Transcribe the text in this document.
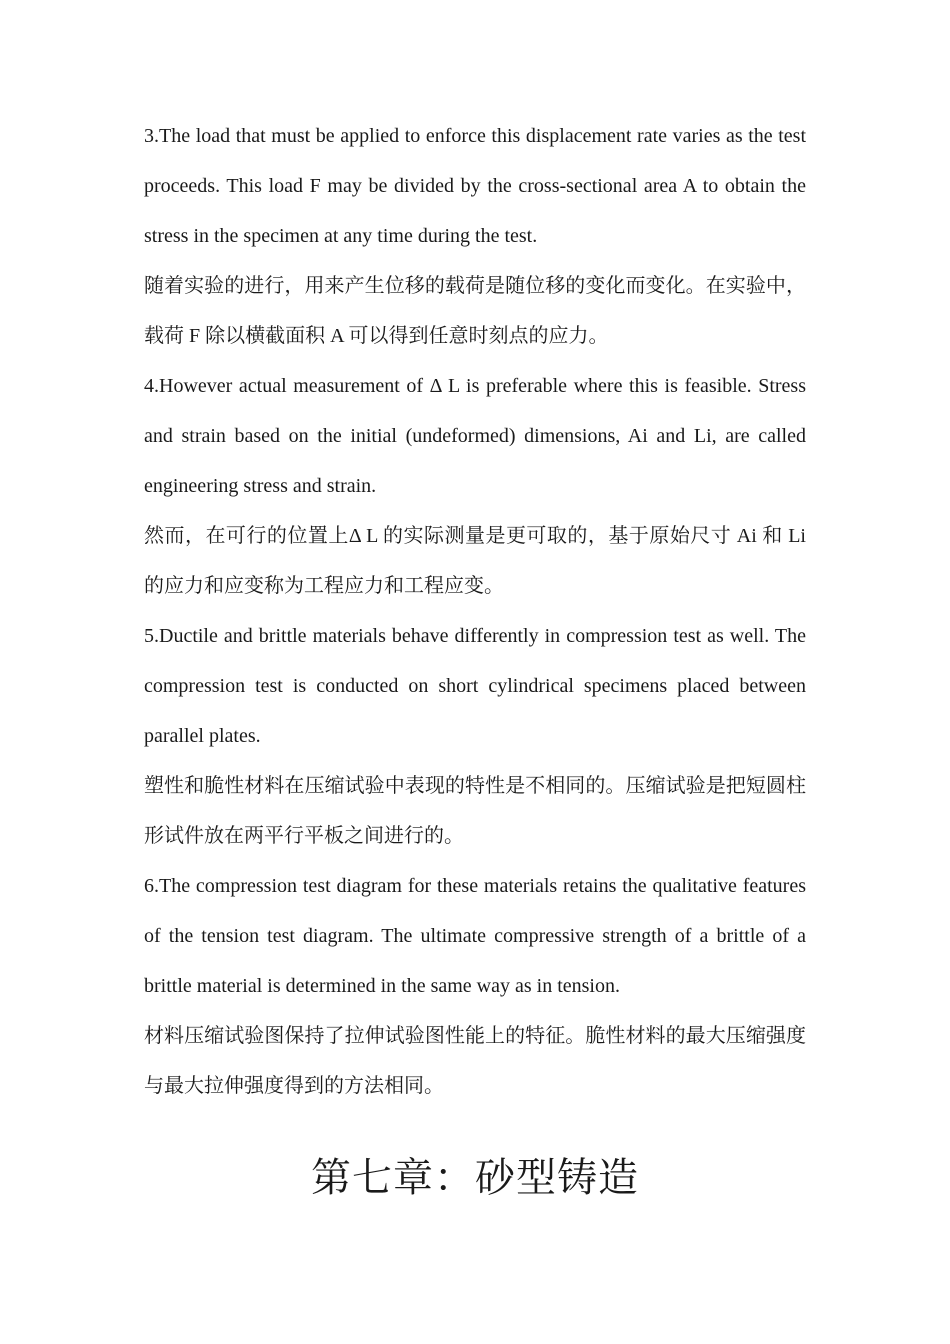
3.The load that must be applied to enforce this displacement rate varies as the test proceeds. This load F may be divided by the cross-sectional area A to obtain the stress in the specimen at any time during the test.

随着实验的进行，用来产生位移的载荷是随位移的变化而变化。在实验中，载荷 F 除以横截面积 A 可以得到任意时刻点的应力。

4.However actual measurement of Δ L is preferable where this is feasible. Stress and strain based on the initial (undeformed) dimensions, Ai and Li, are called engineering stress and strain.

然而，在可行的位置上Δ L 的实际测量是更可取的，基于原始尺寸 Ai 和 Li 的应力和应变称为工程应力和工程应变。

5.Ductile and brittle materials behave differently in compression test as well. The compression test is conducted on short cylindrical specimens placed between parallel plates.

塑性和脆性材料在压缩试验中表现的特性是不相同的。压缩试验是把短圆柱形试件放在两平行平板之间进行的。

6.The compression test diagram for these materials retains the qualitative features of the tension test diagram. The ultimate compressive strength of a brittle of a brittle material is determined in the same way as in tension.

材料压缩试验图保持了拉伸试验图性能上的特征。脆性材料的最大压缩强度与最大拉伸强度得到的方法相同。

第七章：砂型铸造
